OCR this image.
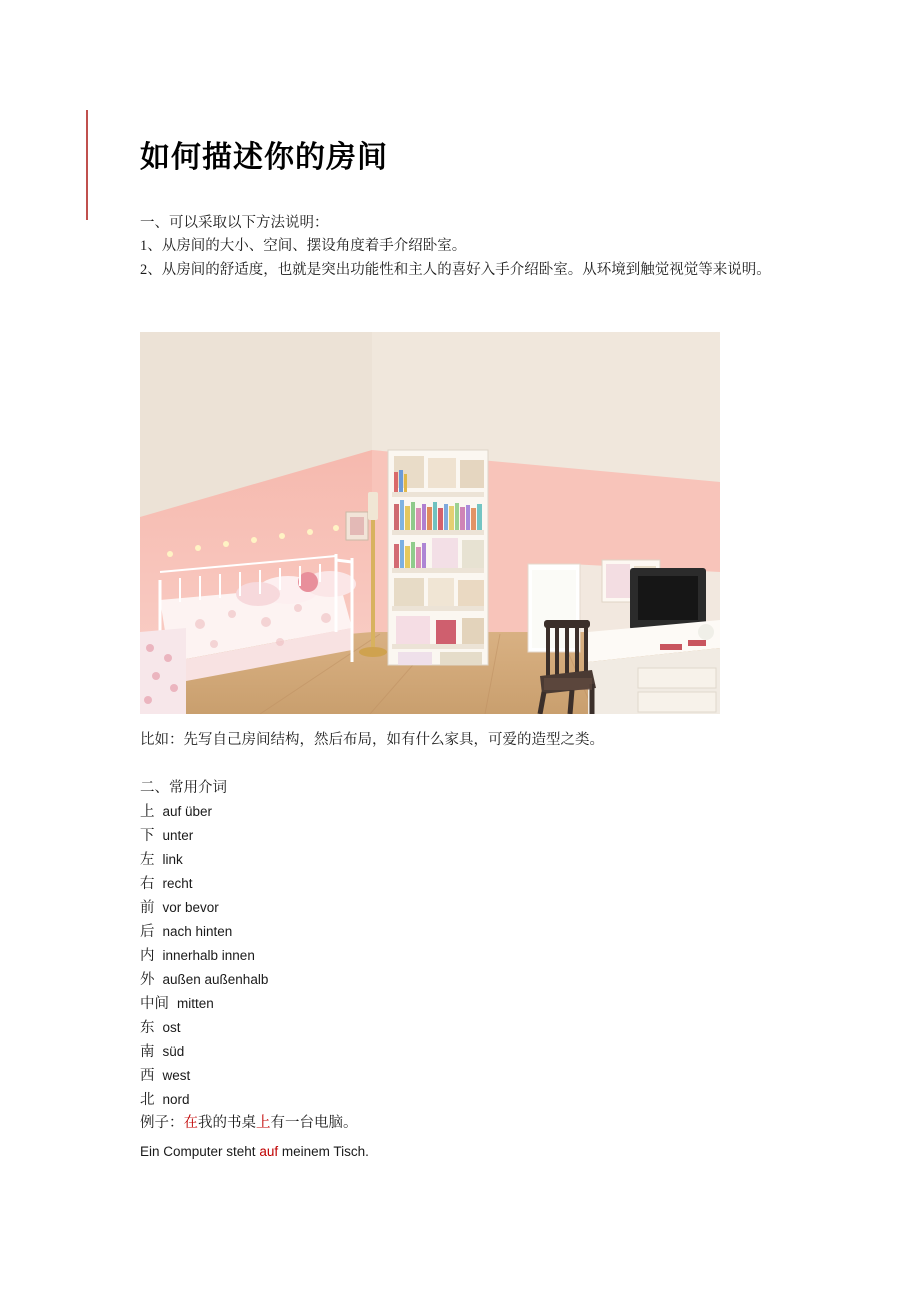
如何描述你的房间

一、可以采取以下方法说明：

1、从房间的大小、空间、摆设角度着手介绍卧室。

2、从房间的舒适度，也就是突出功能性和主人的喜好入手介绍卧室。从环境到触觉视觉等来说明。

比如：先写自己房间结构，然后布局，如有什么家具，可爱的造型之类。
二、常用介词
上 auf über
下 unter
左 link
右 recht
前 vor bevor
后 nach hinten
内 innerhalb innen
外 außen außenhalb
中间 mitten
东 ost
南 süd
西 west
北 nord
例子：在我的书桌上有一台电脑。
Ein Computer steht auf meinem Tisch.
